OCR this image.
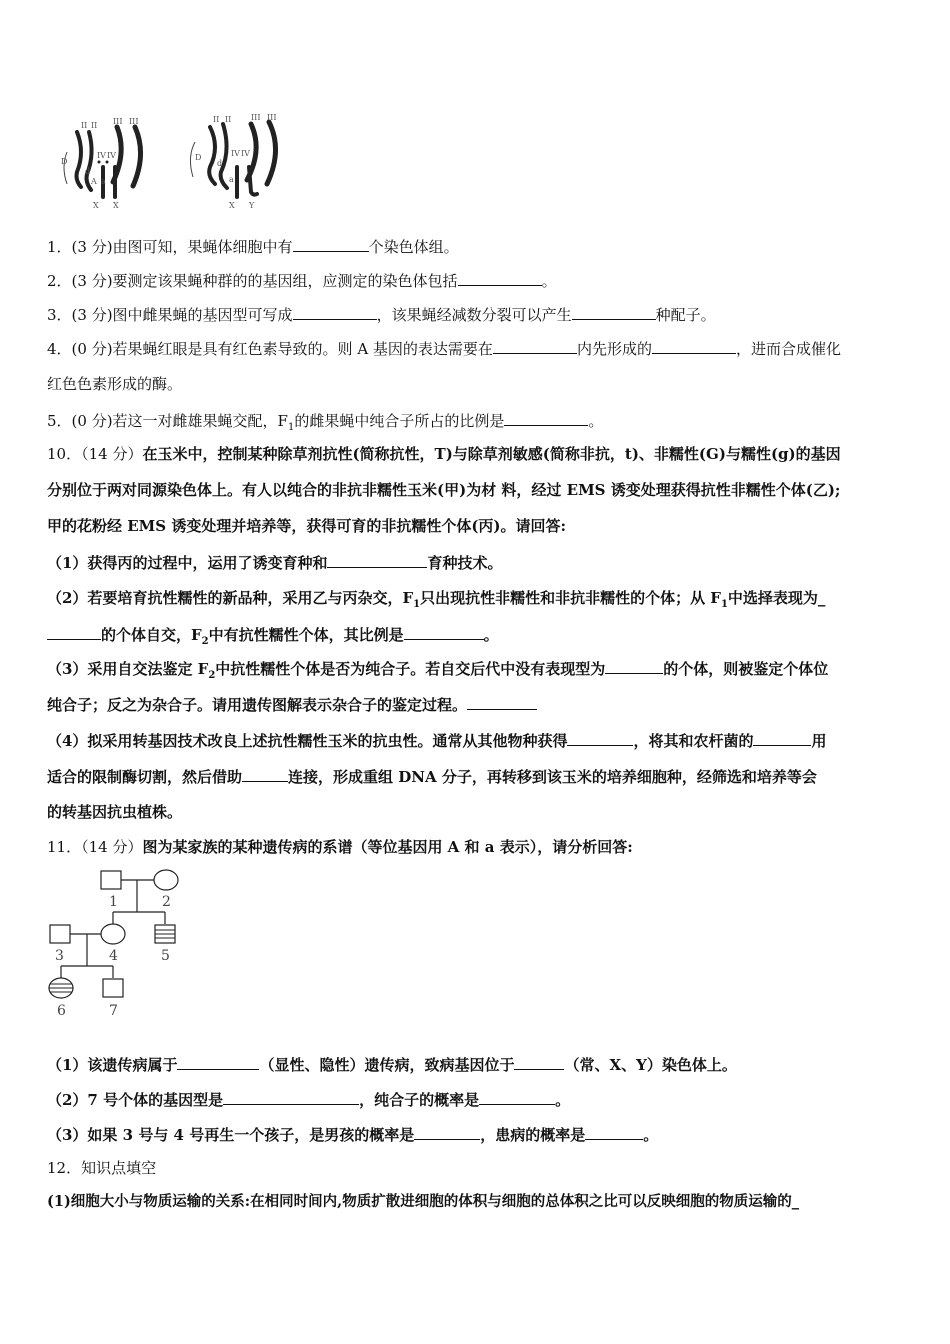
II II III III
D
d
IV IV
A a
X X
II II III III
D
d
IV IV
a
X Y
1．(3 分)由图可知，果蝇体细胞中有	个染色体组。
2．(3 分)要测定该果蝇种群的的基因组，应测定的染色体包括	。
3．(3 分)图中雌果蝇的基因型可写成	，该果蝇经减数分裂可以产生	种配子。
4．(0 分)若果蝇红眼是具有红色素导致的。则 A 基因的表达需要在	内先形成的	，进而合成催化
红色色素形成的酶。
5．(0 分)若这一对雌雄果蝇交配，$F_1$的雌果蝇中纯合子所占的比例是	。
10．（14 分）在玉米中，控制某种除草剂抗性(简称抗性，T)与除草剂敏感(简称非抗，t)、非糯性(G)与糯性(g)的基因
分别位于两对同源染色体上。有人以纯合的非抗非糯性玉米(甲)为材 料，经过 EMS 诱变处理获得抗性非糯性个体(乙);
甲的花粉经 EMS 诱变处理并培养等，获得可育的非抗糯性个体(丙)。请回答:
（1）获得丙的过程中，运用了诱变育种和	育种技术。
（2）若要培育抗性糯性的新品种，采用乙与丙杂交，$F_1$只出现抗性非糯性和非抗非糯性的个体；从 $F_1$中选择表现为_
的个体自交，$F_2$中有抗性糯性个体，其比例是	。
（3）采用自交法鉴定 $F_2$中抗性糯性个体是否为纯合子。若自交后代中没有表现型为	的个体，则被鉴定个体位
纯合子；反之为杂合子。请用遗传图解表示杂合子的鉴定过程。
（4）拟采用转基因技术改良上述抗性糯性玉米的抗虫性。通常从其他物种获得	，将其和农杆菌的	用
适合的限制酶切割，然后借助	连接，形成重组 DNA 分子，再转移到该玉米的培养细胞种，经筛选和培养等会
的转基因抗虫植株。
11．（14 分）图为某家族的某种遗传病的系谱（等位基因用 A 和 a 表示），请分析回答:
1	2
3	4	5
6	7
（1）该遗传病属于	（显性、隐性）遗传病，致病基因位于	（常、X、Y）染色体上。
（2）7 号个体的基因型是	，纯合子的概率是	。
（3）如果 3 号与 4 号再生一个孩子，是男孩的概率是	，患病的概率是	。
12．知识点填空
(1)细胞大小与物质运输的关系:在相同时间内,物质扩散进细胞的体积与细胞的总体积之比可以反映细胞的物质运输的_
